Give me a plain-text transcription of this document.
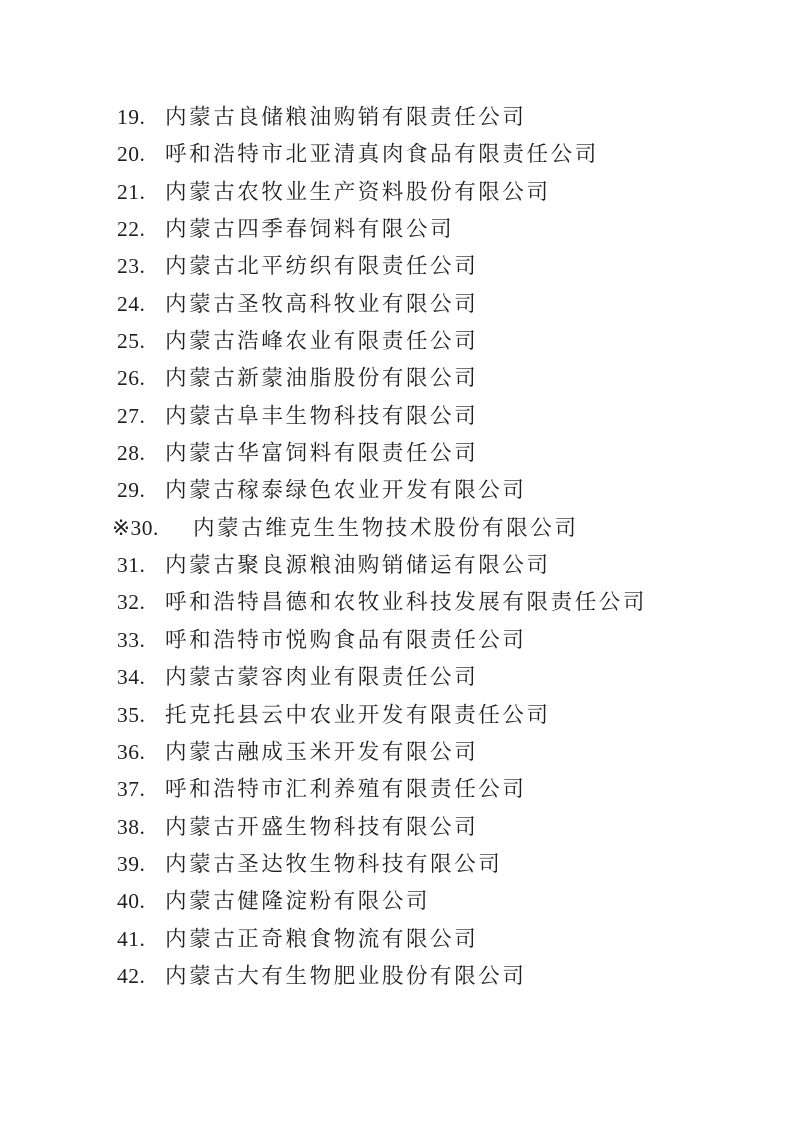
19. 内蒙古良储粮油购销有限责任公司
20. 呼和浩特市北亚清真肉食品有限责任公司
21. 内蒙古农牧业生产资料股份有限公司
22. 内蒙古四季春饲料有限公司
23. 内蒙古北平纺织有限责任公司
24. 内蒙古圣牧高科牧业有限公司
25. 内蒙古浩峰农业有限责任公司
26. 内蒙古新蒙油脂股份有限公司
27. 内蒙古阜丰生物科技有限公司
28. 内蒙古华富饲料有限责任公司
29. 内蒙古稼泰绿色农业开发有限公司
※30. 内蒙古维克生生物技术股份有限公司
31. 内蒙古聚良源粮油购销储运有限公司
32. 呼和浩特昌德和农牧业科技发展有限责任公司
33. 呼和浩特市悦购食品有限责任公司
34. 内蒙古蒙容肉业有限责任公司
35. 托克托县云中农业开发有限责任公司
36. 内蒙古融成玉米开发有限公司
37. 呼和浩特市汇利养殖有限责任公司
38. 内蒙古开盛生物科技有限公司
39. 内蒙古圣达牧生物科技有限公司
40. 内蒙古健隆淀粉有限公司
41. 内蒙古正奇粮食物流有限公司
42. 内蒙古大有生物肥业股份有限公司
